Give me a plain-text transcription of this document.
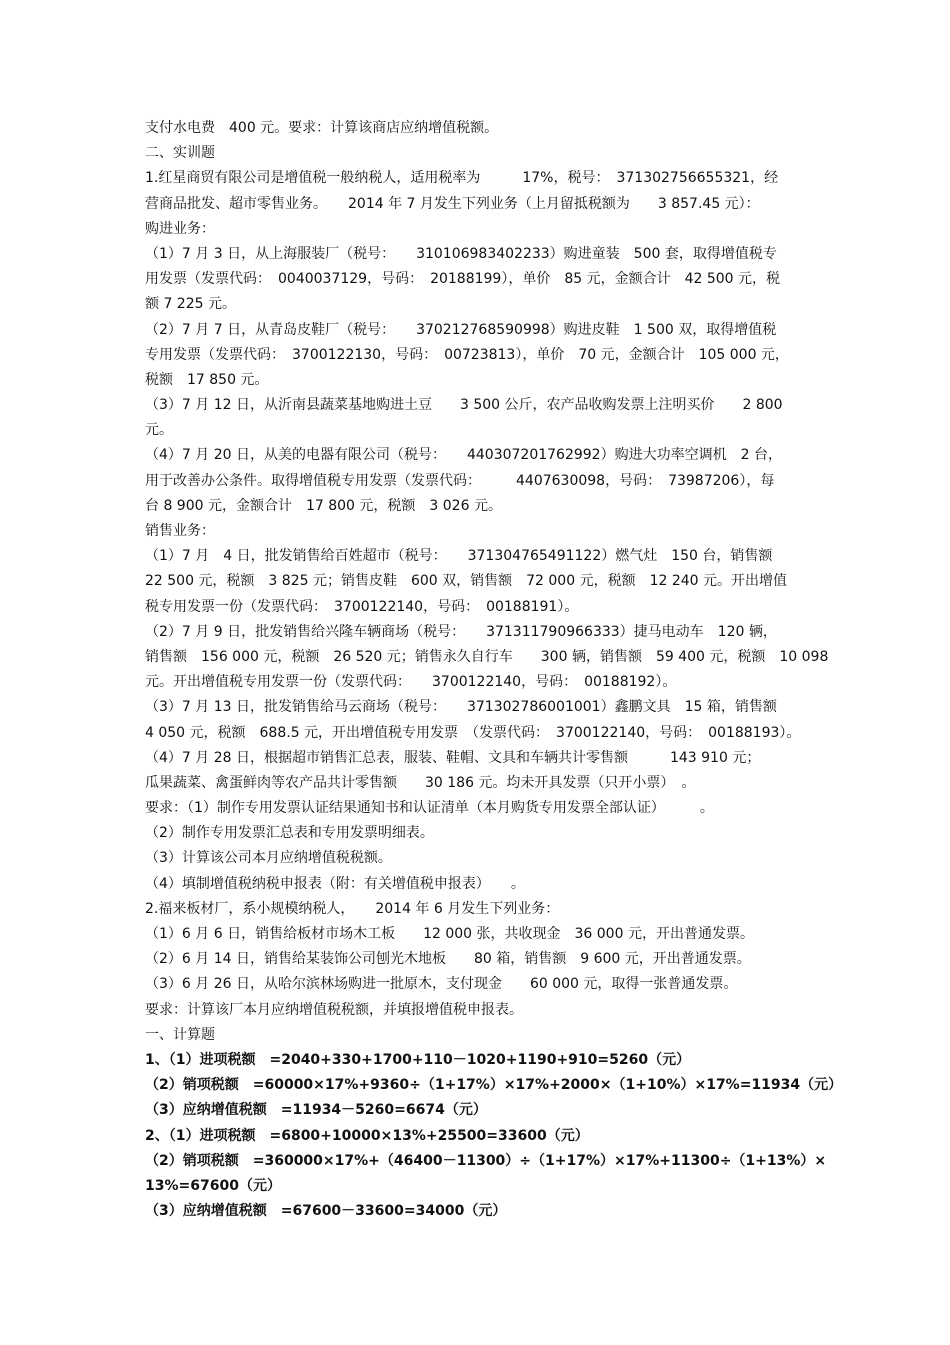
支付水电费　400 元。要求：计算该商店应纳增值税额。
二、实训题
1.红星商贸有限公司是增值税一般纳税人，适用税率为　　　17%，税号：　371302756655321，经
营商品批发、超市零售业务。　　2014 年 7 月发生下列业务（上月留抵税额为　　3 857.45 元）：
购进业务：
（1）7 月 3 日，从上海服装厂（税号：　　310106983402233）购进童装　500 套，取得增值税专
用发票（发票代码：　0040037129，号码：　20188199），单价　85 元，金额合计　42 500 元，税
额 7 225 元。
（2）7 月 7 日，从青岛皮鞋厂（税号：　　370212768590998）购进皮鞋　1 500 双，取得增值税
专用发票（发票代码：　3700122130，号码：　00723813），单价　70 元，金额合计　105 000 元，
税额　17 850 元。
（3）7 月 12 日，从沂南县蔬菜基地购进土豆　　3 500 公斤，农产品收购发票上注明买价　　2 800
元。
（4）7 月 20 日，从美的电器有限公司（税号：　　440307201762992）购进大功率空调机　2 台，
用于改善办公条件。取得增值税专用发票（发票代码：　　　4407630098，号码：　73987206），每
台 8 900 元，金额合计　17 800 元，税额　3 026 元。
销售业务：
（1）7 月　4 日，批发销售给百姓超市（税号：　　371304765491122）燃气灶　150 台，销售额
22 500 元，税额　3 825 元；销售皮鞋　600 双，销售额　72 000 元，税额　12 240 元。开出增值
税专用发票一份（发票代码：　3700122140，号码：　00188191）。
（2）7 月 9 日，批发销售给兴隆车辆商场（税号：　　371311790966333）捷马电动车　120 辆，
销售额　156 000 元，税额　26 520 元；销售永久自行车　　300 辆，销售额　59 400 元，税额　10 098
元。开出增值税专用发票一份（发票代码：　　3700122140，号码：　00188192）。
（3）7 月 13 日，批发销售给马云商场（税号：　　371302786001001）鑫鹏文具　15 箱，销售额
4 050 元，税额　688.5 元，开出增值税专用发票　（发票代码：　3700122140，号码：　00188193）。
（4）7 月 28 日，根据超市销售汇总表，服装、鞋帽、文具和车辆共计零售额　　　143 910 元；
瓜果蔬菜、禽蛋鲜肉等农产品共计零售额　　30 186 元。均未开具发票（只开小票）　。
要求：（1）制作专用发票认证结果通知书和认证清单（本月购货专用发票全部认证）　　　。
（2）制作专用发票汇总表和专用发票明细表。
（3）计算该公司本月应纳增值税税额。
（4）填制增值税纳税申报表（附：有关增值税申报表）　　。
2.福来板材厂，系小规模纳税人，　　2014 年 6 月发生下列业务：
（1）6 月 6 日，销售给板材市场木工板　　12 000 张，共收现金　36 000 元，开出普通发票。
（2）6 月 14 日，销售给某装饰公司刨光木地板　　80 箱，销售额　9 600 元，开出普通发票。
（3）6 月 26 日，从哈尔滨林场购进一批原木，支付现金　　60 000 元，取得一张普通发票。
要求：计算该厂本月应纳增值税税额，并填报增值税申报表。
一、计算题
1、（1）进项税额　=2040+330+1700+110－1020+1190+910=5260（元）
（2）销项税额　=60000×17%+9360÷（1+17%）×17%+2000×（1+10%）×17%=11934（元）
（3）应纳增值税额　=11934－5260=6674（元）
2、（1）进项税额　=6800+10000×13%+25500=33600（元）
（2）销项税额　=360000×17%+（46400－11300）÷（1+17%）×17%+11300÷（1+13%）×
13%=67600（元）
（3）应纳增值税额　=67600－33600=34000（元）
